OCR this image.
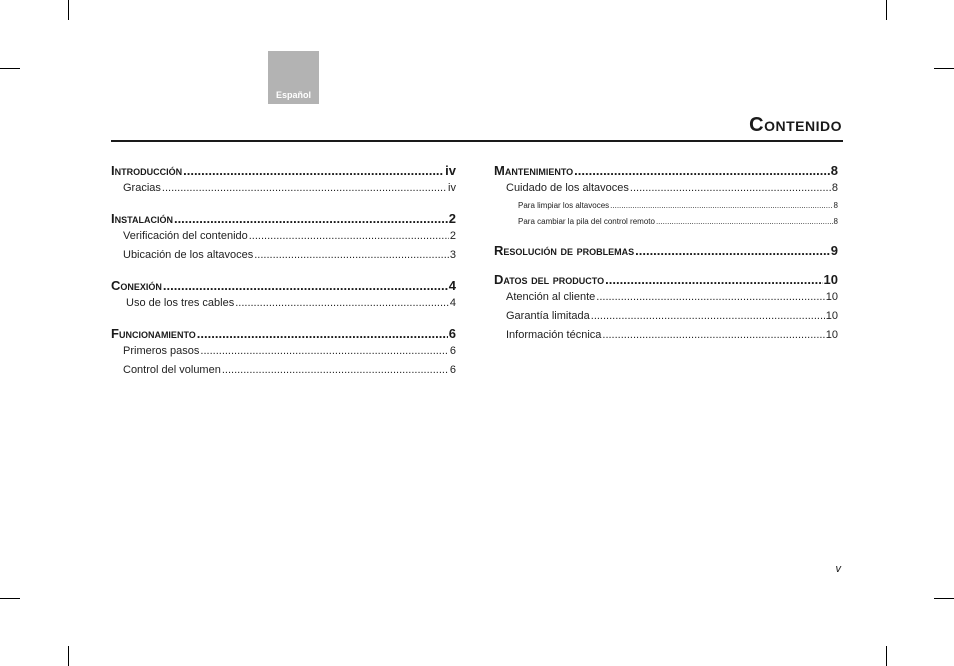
Español
Contenido
Introducción .....	iv
Gracias .....	iv
Instalación .....	2
Verificación del contenido .....	2
Ubicación de los altavoces .....	3
Conexión .....	4
Uso de los tres cables .....	4
Funcionamiento .....	6
Primeros pasos .....	6
Control del volumen .....	6
Mantenimiento .....	8
Cuidado de los altavoces .....	8
Para limpiar los altavoces .....	8
Para cambiar la pila del control remoto .....	8
Resolución de problemas .....	9
Datos del producto .....	10
Atención al cliente .....	10
Garantía limitada .....	10
Información técnica .....	10
v
